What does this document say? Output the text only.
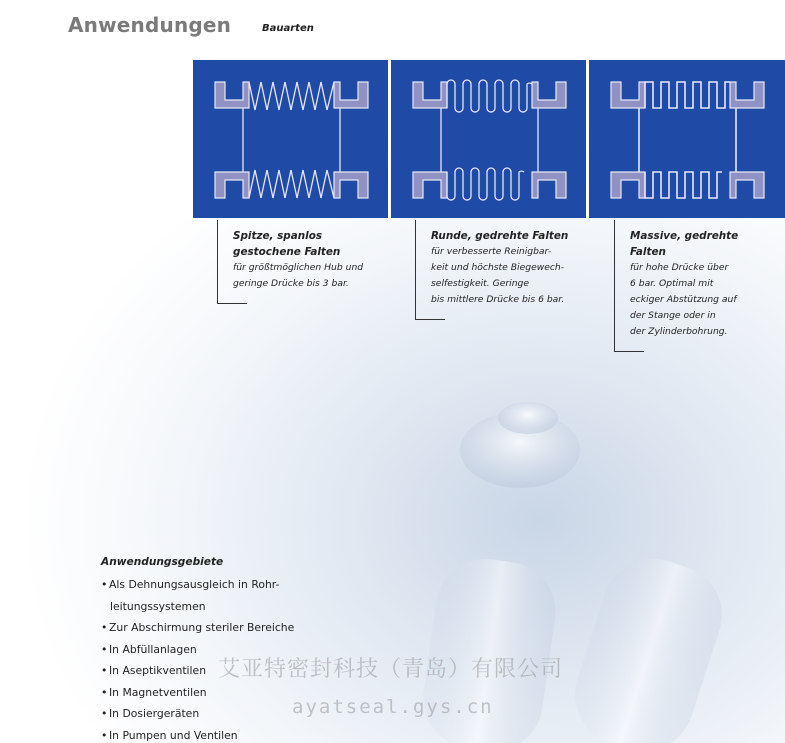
Anwendungen	Bauarten
Spitze, spanlos
gestochene Falten
für größtmöglichen Hub und
geringe Drücke bis 3 bar.
Runde, gedrehte Falten
für verbesserte Reinigbar-
keit und höchste Biegewech-
selfestigkeit. Geringe
bis mittlere Drücke bis 6 bar.
Massive, gedrehte
Falten
für hohe Drücke über
6 bar. Optimal mit
eckiger Abstützung auf
der Stange oder in
der Zylinderbohrung.
Anwendungsgebiete
• Als Dehnungsausgleich in Rohr-
leitungssystemen
• Zur Abschirmung steriler Bereiche
• In Abfüllanlagen
• In Aseptikventilen
• In Magnetventilen
• In Dosiergeräten
• In Pumpen und Ventilen
艾亚特密封科技（青岛）有限公司
ayatseal.gys.cn
